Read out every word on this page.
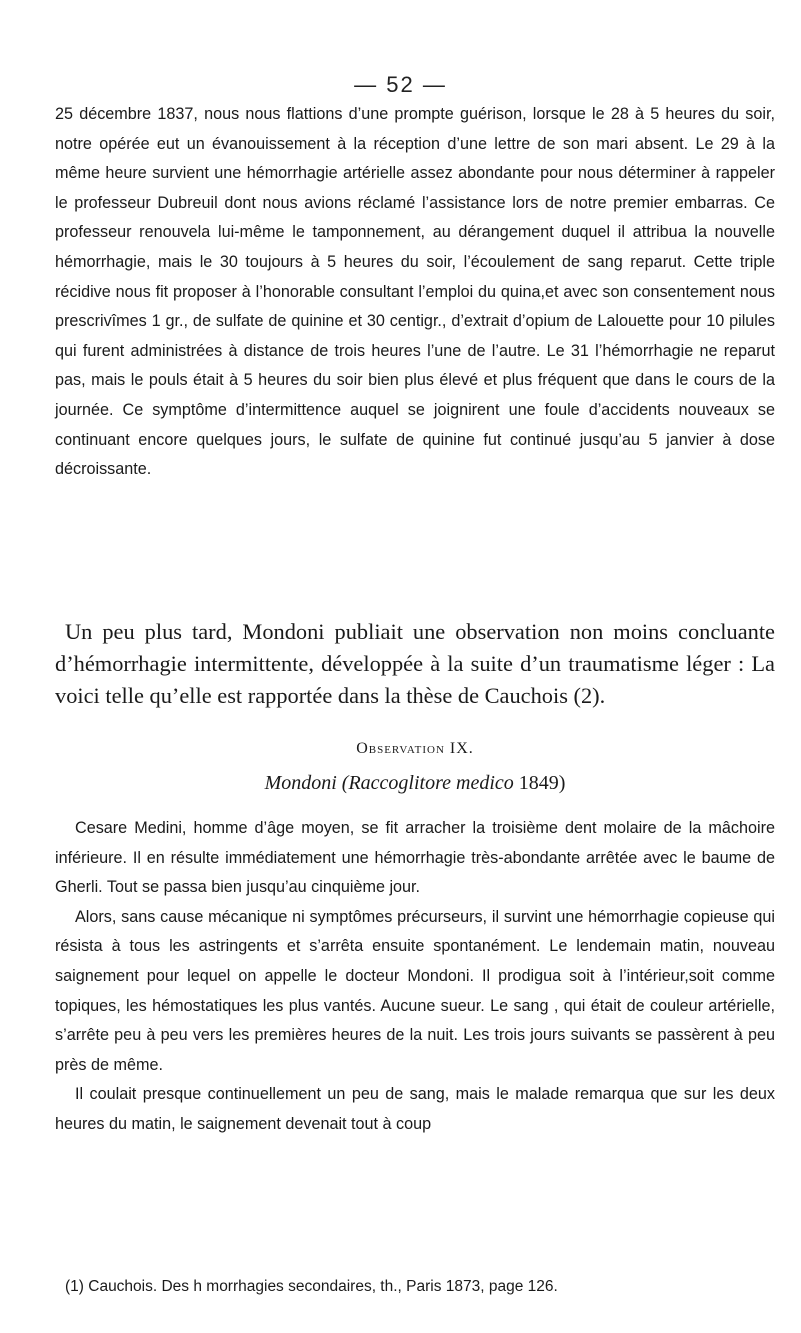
— 52 —

25 décembre 1837, nous nous flattions d’une prompte guérison, lorsque le 28 à 5 heures du soir, notre opérée eut un évanouissement à la réception d’une lettre de son mari absent. Le 29 à la même heure survient une hémorrhagie artérielle assez abondante pour nous déterminer à rappeler le professeur Dubreuil dont nous avions réclamé l’assistance lors de notre premier embarras. Ce professeur renouvela lui-même le tamponnement, au dérangement duquel il attribua la nouvelle hémorrhagie, mais le 30 toujours à 5 heures du soir, l’écoulement de sang reparut. Cette triple récidive nous fit proposer à l’honorable consultant l’emploi du quina,et avec son consentement nous prescrivîmes 1 gr., de sulfate de quinine et 30 centigr., d’extrait d’opium de Lalouette pour 10 pilules qui furent administrées à distance de trois heures l’une de l’autre. Le 31 l’hémorrhagie ne reparut pas, mais le pouls était à 5 heures du soir bien plus élevé et plus fréquent que dans le cours de la journée. Ce symptôme d’intermittence auquel se joignirent une foule d’accidents nouveaux se continuant encore quelques jours, le sulfate de quinine fut continué jusqu’au 5 janvier à dose décroissante.

Un peu plus tard, Mondoni publiait une observation non moins concluante d’hémorrhagie intermittente, développée à la suite d’un traumatisme léger : La voici telle qu’elle est rapportée dans la thèse de Cauchois (2).

Observation IX.

Mondoni (Raccoglitore medico 1849)

Cesare Medini, homme d’âge moyen, se fit arracher la troisième dent molaire de la mâchoire inférieure. Il en résulte immédiatement une hémorrhagie très-abondante arrêtée avec le baume de Gherli. Tout se passa bien jusqu’au cinquième jour.

Alors, sans cause mécanique ni symptômes précurseurs, il survint une hémorrhagie copieuse qui résista à tous les astringents et s’arrêta ensuite spontanément. Le lendemain matin, nouveau saignement pour lequel on appelle le docteur Mondoni. Il prodigua soit à l’intérieur,soit comme topiques, les hémostatiques les plus vantés. Aucune sueur. Le sang , qui était de couleur artérielle, s’arrête peu à peu vers les premières heures de la nuit. Les trois jours suivants se passèrent à peu près de même.

Il coulait presque continuellement un peu de sang, mais le malade remarqua que sur les deux heures du matin, le saignement devenait tout à coup

(1) Cauchois. Des h morrhagies secondaires, th., Paris 1873, page 126.
